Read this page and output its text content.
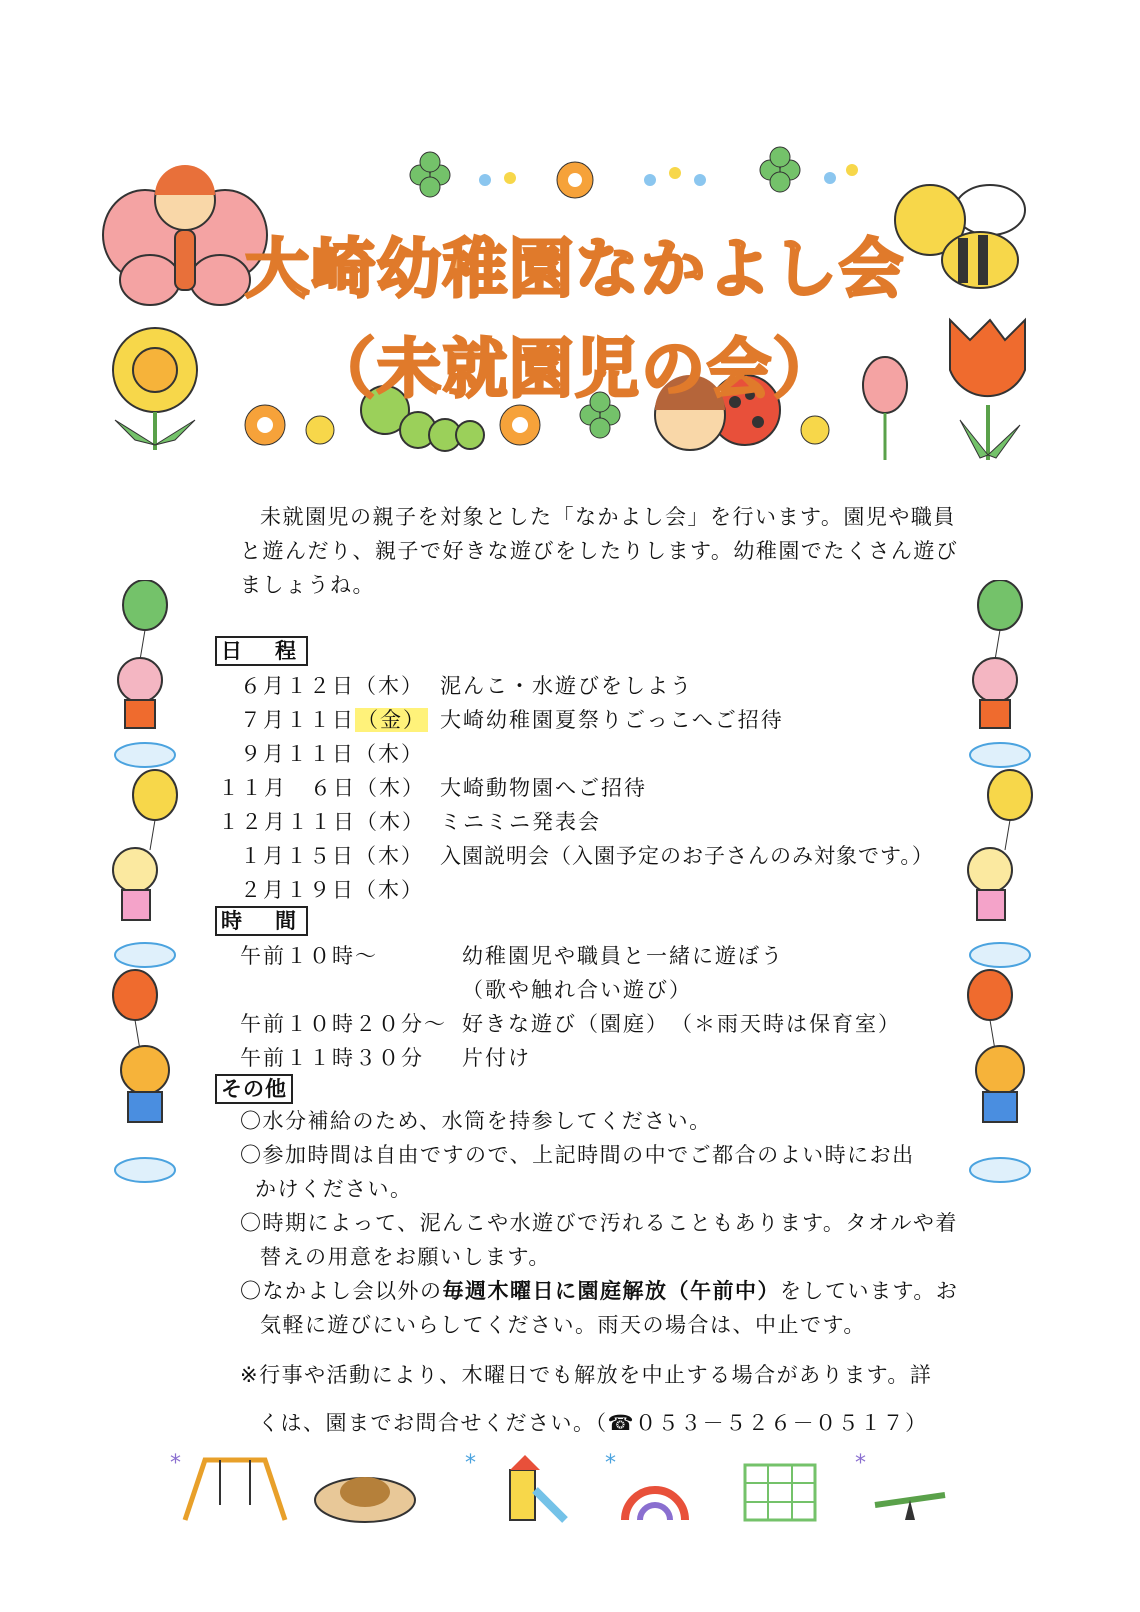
大崎幼稚園なかよし会
（未就園児の会）
未就園児の親子を対象とした「なかよし会」を行います。園児や職員
と遊んだり、親子で好きな遊びをしたりします。幼稚園でたくさん遊び
ましょうね。
日　程
６月１２日（木） 泥んこ・水遊びをしよう
７月１１日（金） 大崎幼稚園夏祭りごっこへご招待
９月１１日（木）
１１月　６日（木） 大崎動物園へご招待
１２月１１日（木） ミニミニ発表会
１月１５日（木） 入園説明会（入園予定のお子さんのみ対象です。）
２月１９日（木）
時　間
午前１０時～	幼稚園児や職員と一緒に遊ぼう
（歌や触れ合い遊び）
午前１０時２０分～ 好きな遊び（園庭）　（＊雨天時は保育室）
午前１１時３０分 片付け
その他
〇水分補給のため、水筒を持参してください。
〇参加時間は自由ですので、上記時間の中でご都合のよい時にお出
かけください。
〇時期によって、泥んこや水遊びで汚れることもあります。タオルや着
替えの用意をお願いします。
〇なかよし会以外の毎週木曜日に園庭解放（午前中）をしています。お
気軽に遊びにいらしてください。雨天の場合は、中止です。
※行事や活動により、木曜日でも解放を中止する場合があります。詳
くは、園までお問合せください。（☎０５３－５２６－０５１７）
*	*	*	*
